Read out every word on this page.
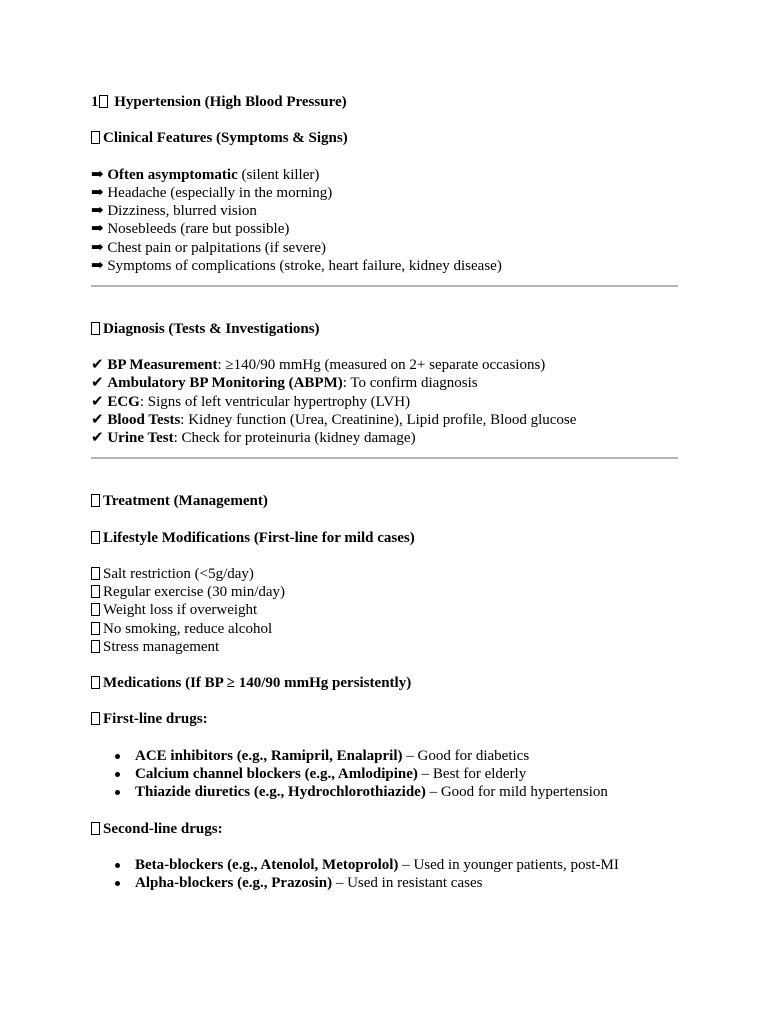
1 Hypertension (High Blood Pressure)
Clinical Features (Symptoms & Signs)
➡ Often asymptomatic (silent killer)
➡ Headache (especially in the morning)
➡ Dizziness, blurred vision
➡ Nosebleeds (rare but possible)
➡ Chest pain or palpitations (if severe)
➡ Symptoms of complications (stroke, heart failure, kidney disease)
Diagnosis (Tests & Investigations)
✔ BP Measurement: ≥140/90 mmHg (measured on 2+ separate occasions)
✔ Ambulatory BP Monitoring (ABPM): To confirm diagnosis
✔ ECG: Signs of left ventricular hypertrophy (LVH)
✔ Blood Tests: Kidney function (Urea, Creatinine), Lipid profile, Blood glucose
✔ Urine Test: Check for proteinuria (kidney damage)
Treatment (Management)
Lifestyle Modifications (First-line for mild cases)
Salt restriction (<5g/day)
Regular exercise (30 min/day)
Weight loss if overweight
No smoking, reduce alcohol
Stress management
Medications (If BP ≥ 140/90 mmHg persistently)
First-line drugs:
ACE inhibitors (e.g., Ramipril, Enalapril) – Good for diabetics
Calcium channel blockers (e.g., Amlodipine) – Best for elderly
Thiazide diuretics (e.g., Hydrochlorothiazide) – Good for mild hypertension
Second-line drugs:
Beta-blockers (e.g., Atenolol, Metoprolol) – Used in younger patients, post-MI
Alpha-blockers (e.g., Prazosin) – Used in resistant cases
